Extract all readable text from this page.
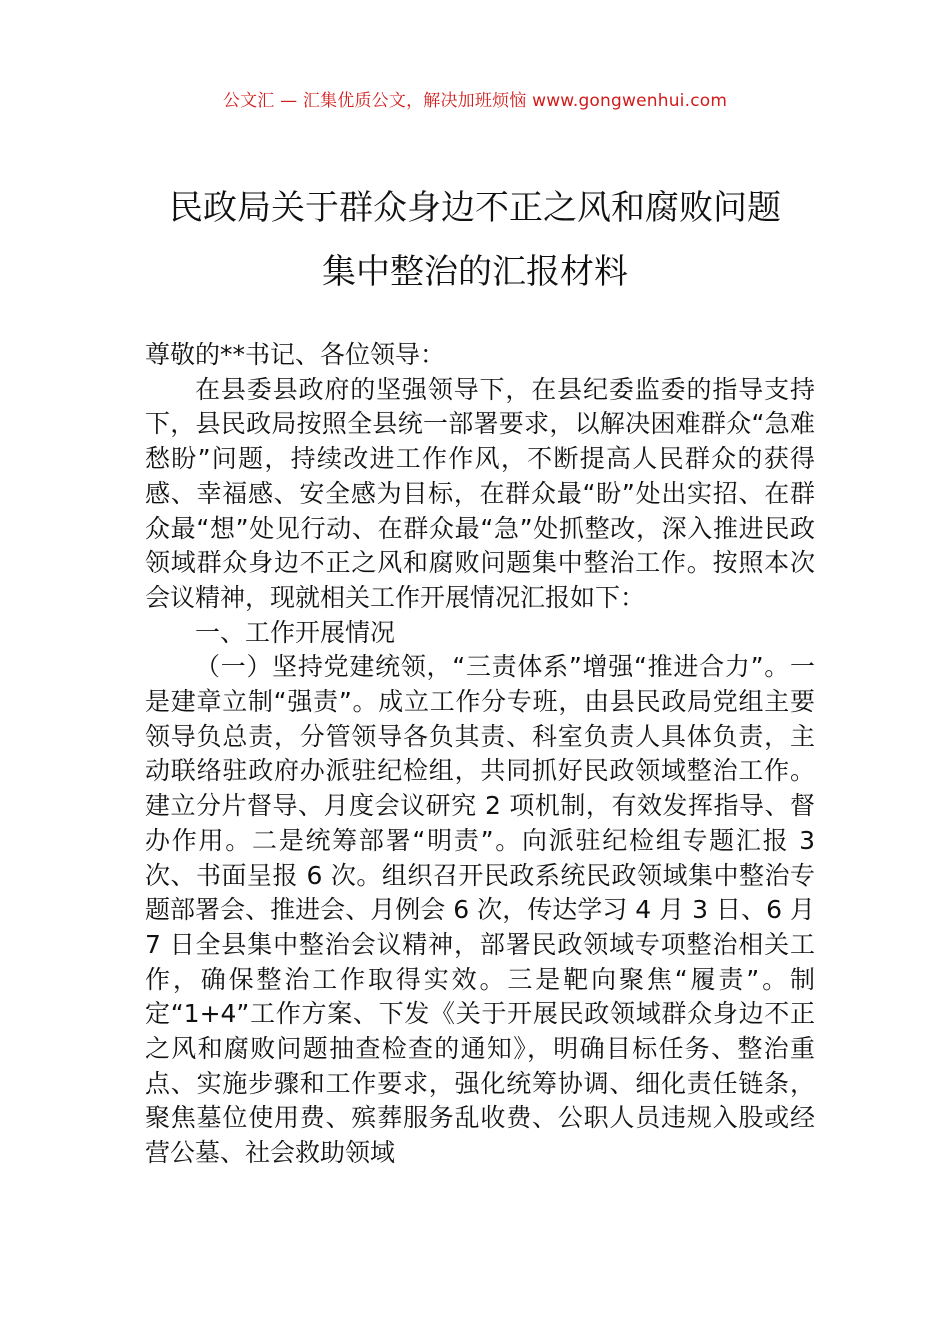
公文汇 — 汇集优质公文，解决加班烦恼 www.gongwenhui.com

民政局关于群众身边不正之风和腐败问题

集中整治的汇报材料

尊敬的**书记、各位领导：

在县委县政府的坚强领导下，在县纪委监委的指导支持下，县民政局按照全县统一部署要求，以解决困难群众“急难愁盼”问题，持续改进工作作风，不断提高人民群众的获得感、幸福感、安全感为目标，在群众最“盼”处出实招、在群众最“想”处见行动、在群众最“急”处抓整改，深入推进民政领域群众身边不正之风和腐败问题集中整治工作。按照本次会议精神，现就相关工作开展情况汇报如下：

一、工作开展情况

（一）坚持党建统领，“三责体系”增强“推进合力”。一是建章立制“强责”。成立工作分专班，由县民政局党组主要领导负总责，分管领导各负其责、科室负责人具体负责，主动联络驻政府办派驻纪检组，共同抓好民政领域整治工作。建立分片督导、月度会议研究 2 项机制，有效发挥指导、督办作用。二是统筹部署“明责”。向派驻纪检组专题汇报 3 次、书面呈报 6 次。组织召开民政系统民政领域集中整治专题部署会、推进会、月例会 6 次，传达学习 4 月 3 日、6 月 7 日全县集中整治会议精神，部署民政领域专项整治相关工作，确保整治工作取得实效。三是靶向聚焦“履责”。制定“1+4”工作方案、下发《关于开展民政领域群众身边不正之风和腐败问题抽查检查的通知》，明确目标任务、整治重点、实施步骤和工作要求，强化统筹协调、细化责任链条，聚焦墓位使用费、殡葬服务乱收费、公职人员违规入股或经营公墓、社会救助领域
